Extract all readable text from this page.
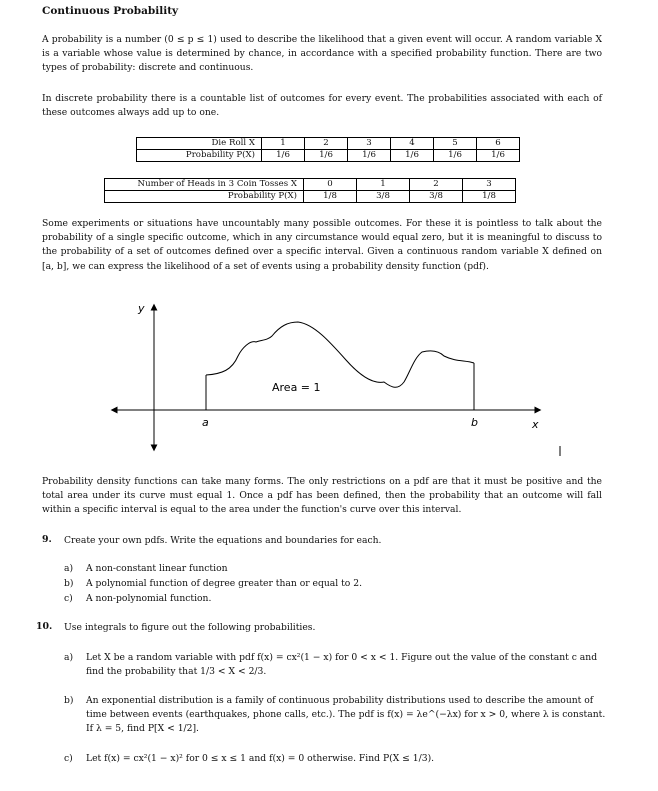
Continuous Probability

A probability is a number (0 ≤ p ≤ 1) used to describe the likelihood that a given event will occur. A random variable X is a variable whose value is determined by chance, in accordance with a specified probability function. There are two types of probability: discrete and continuous.

In discrete probability there is a countable list of outcomes for every event. The probabilities associated with each of these outcomes always add up to one.

Die Roll X	1	2	3	4	5	6
Probability P(X)	1/6	1/6	1/6	1/6	1/6	1/6
Number of Heads in 3 Coin Tosses X	0	1	2	3
Probability P(X)	1/8	3/8	3/8	1/8

Some experiments or situations have uncountably many possible outcomes. For these it is pointless to talk about the probability of a single specific outcome, which in any circumstance would equal zero, but it is meaningful to discuss to the probability of a set of outcomes defined over a specific interval. Given a continuous random variable X defined on [a, b], we can express the likelihood of a set of events using a probability density function (pdf).

y
x
a	b
Area = 1

Probability density functions can take many forms. The only restrictions on a pdf are that it must be positive and the total area under its curve must equal 1. Once a pdf has been defined, then the probability that an outcome will fall within a specific interval is equal to the area under the function's curve over this interval.

9. Create your own pdfs. Write the equations and boundaries for each.
a) A non-constant linear function
b) A polynomial function of degree greater than or equal to 2.
c) A non-polynomial function.
10. Use integrals to figure out the following probabilities.
a) Let X be a random variable with pdf f(x) = cx²(1 − x) for 0 < x < 1. Figure out the value of the constant c and find the probability that 1/3 < X < 2/3.
b) An exponential distribution is a family of continuous probability distributions used to describe the amount of time between events (earthquakes, phone calls, etc.). The pdf is f(x) = λe^(−λx) for x > 0, where λ is constant. If λ = 5, find P[X < 1/2].
c) Let f(x) = cx²(1 − x)² for 0 ≤ x ≤ 1 and f(x) = 0 otherwise. Find P(X ≤ 1/3).
